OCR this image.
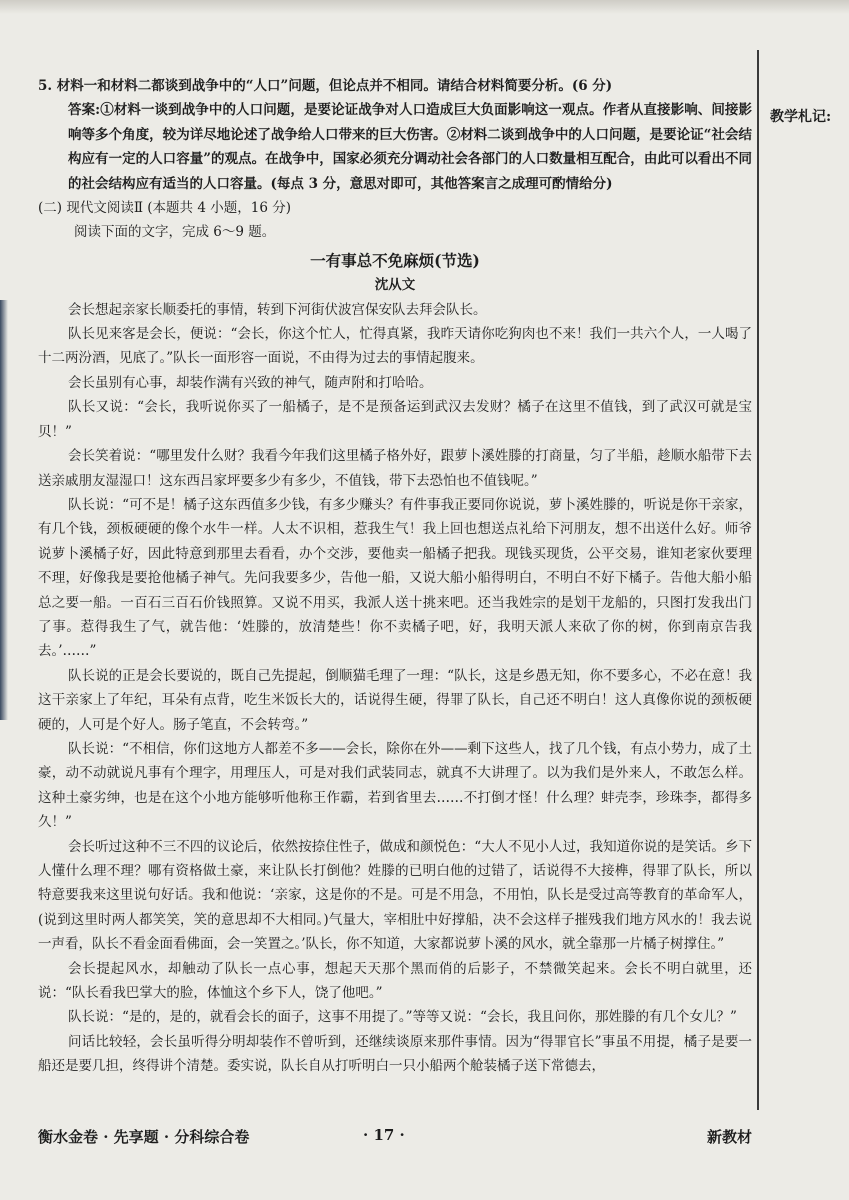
教学札记:

5. 材料一和材料二都谈到战争中的“人口”问题，但论点并不相同。请结合材料简要分析。(6 分)

答案:①材料一谈到战争中的人口问题，是要论证战争对人口造成巨大负面影响这一观点。作者从直接影响、间接影响等多个角度，较为详尽地论述了战争给人口带来的巨大伤害。②材料二谈到战争中的人口问题，是要论证“社会结构应有一定的人口容量”的观点。在战争中，国家必须充分调动社会各部门的人口数量相互配合，由此可以看出不同的社会结构应有适当的人口容量。(每点 3 分，意思对即可，其他答案言之成理可酌情给分)

(二) 现代文阅读Ⅱ (本题共 4 小题，16 分)

阅读下面的文字，完成 6～9 题。

一有事总不免麻烦(节选)

沈从文

会长想起亲家长顺委托的事情，转到下河街伏波宫保安队去拜会队长。

队长见来客是会长，便说：“会长，你这个忙人，忙得真紧，我昨天请你吃狗肉也不来！我们一共六个人，一人喝了十二两汾酒，见底了。”队长一面形容一面说，不由得为过去的事情起腹来。

会长虽别有心事，却装作满有兴致的神气，随声附和打哈哈。

队长又说：“会长，我听说你买了一船橘子，是不是预备运到武汉去发财？橘子在这里不值钱，到了武汉可就是宝贝！”

会长笑着说：“哪里发什么财？我看今年我们这里橘子格外好，跟萝卜溪姓滕的打商量，匀了半船，趁顺水船带下去送亲戚朋友湿湿口！这东西吕家坪要多少有多少，不值钱，带下去恐怕也不值钱呢。”

队长说：“可不是！橘子这东西值多少钱，有多少赚头？有件事我正要同你说说，萝卜溪姓滕的，听说是你干亲家，有几个钱，颈板硬硬的像个水牛一样。人太不识相，惹我生气！我上回也想送点礼给下河朋友，想不出送什么好。师爷说萝卜溪橘子好，因此特意到那里去看看，办个交涉，要他卖一船橘子把我。现钱买现货，公平交易，谁知老家伙要理不理，好像我是要抢他橘子神气。先问我要多少，告他一船，又说大船小船得明白，不明白不好下橘子。告他大船小船总之要一船。一百石三百石价钱照算。又说不用买，我派人送十挑来吧。还当我姓宗的是划干龙船的，只图打发我出门了事。惹得我生了气，就告他：‘姓滕的，放清楚些！你不卖橘子吧，好，我明天派人来砍了你的树，你到南京告我去。’……”

队长说的正是会长要说的，既自己先提起，倒顺猫毛理了一理：“队长，这是乡愚无知，你不要多心，不必在意！我这干亲家上了年纪，耳朵有点背，吃生米饭长大的，话说得生硬，得罪了队长，自己还不明白！这人真像你说的颈板硬硬的，人可是个好人。肠子笔直，不会转弯。”

队长说：“不相信，你们这地方人都差不多——会长，除你在外——剩下这些人，找了几个钱，有点小势力，成了土豪，动不动就说凡事有个理字，用理压人，可是对我们武装同志，就真不大讲理了。以为我们是外来人，不敢怎么样。这种土豪劣绅，也是在这个小地方能够听他称王作霸，若到省里去……不打倒才怪！什么理？蚌壳李，珍珠李，都得多久！”

会长听过这种不三不四的议论后，依然按捺住性子，做成和颜悦色：“大人不见小人过，我知道你说的是笑话。乡下人懂什么理不理？哪有资格做土豪，来让队长打倒他？姓滕的已明白他的过错了，话说得不大接榫，得罪了队长，所以特意要我来这里说句好话。我和他说：‘亲家，这是你的不是。可是不用急，不用怕，队长是受过高等教育的革命军人，(说到这里时两人都笑笑，笑的意思却不大相同。)气量大，宰相肚中好撑船，决不会这样子摧残我们地方风水的！我去说一声看，队长不看金面看佛面，会一笑置之。’队长，你不知道，大家都说萝卜溪的风水，就全靠那一片橘子树撑住。”

会长提起风水，却触动了队长一点心事，想起天天那个黑而俏的后影子，不禁微笑起来。会长不明白就里，还说：“队长看我巴掌大的脸，体恤这个乡下人，饶了他吧。”

队长说：“是的，是的，就看会长的面子，这事不用提了。”等等又说：“会长，我且问你，那姓滕的有几个女儿？”

问话比较轻，会长虽听得分明却装作不曾听到，还继续谈原来那件事情。因为“得罪官长”事虽不用提，橘子是要一船还是要几担，终得讲个清楚。委实说，队长自从打听明白一只小船两个舱装橘子送下常德去，

衡水金卷 · 先享题 · 分科综合卷	· 17 ·	新教材
